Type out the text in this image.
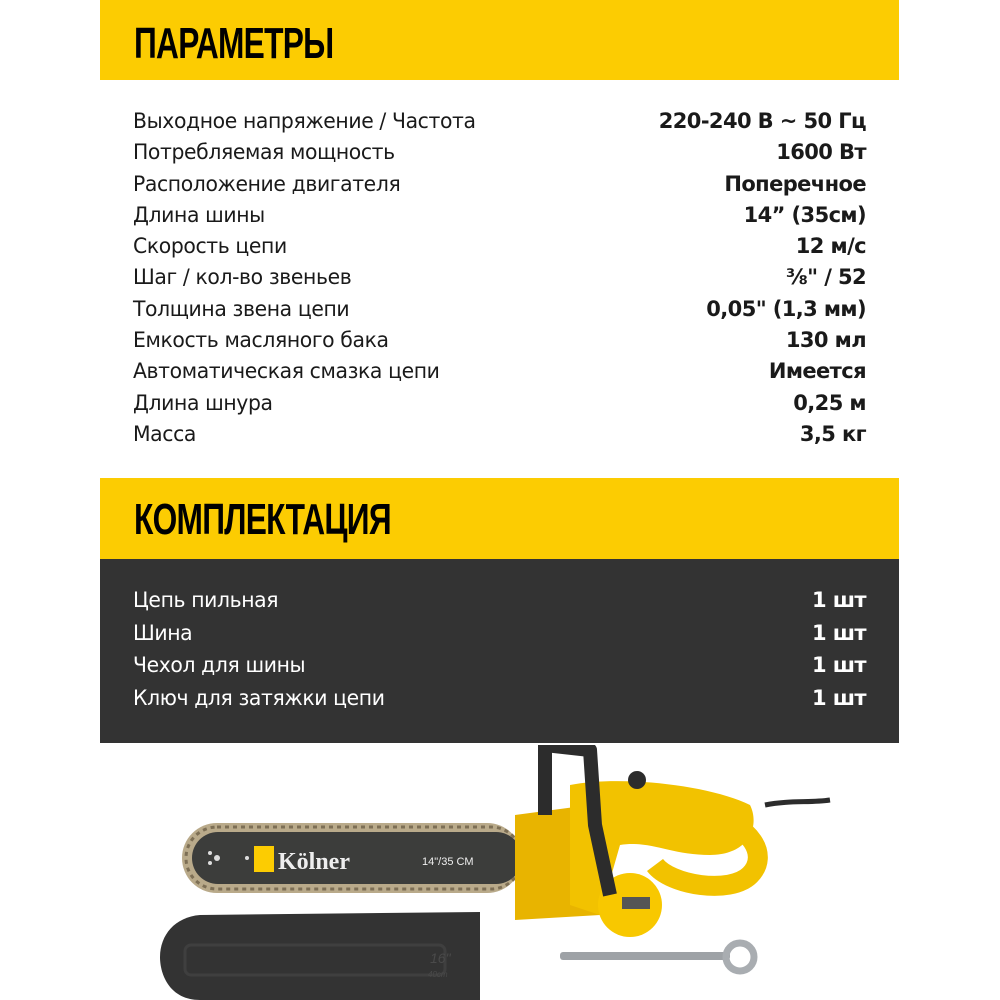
ПАРАМЕТРЫ
Выходное напряжение / Частота	220-240 В ~ 50 Гц
Потребляемая мощность	1600 Вт
Расположение двигателя	Поперечное
Длина шины	14” (35см)
Скорость цепи	12 м/с
Шаг / кол-во звеньев	⅜" / 52
Толщина звена цепи	0,05" (1,3 мм)
Емкость масляного бака	130 мл
Автоматическая смазка цепи	Имеется
Длина шнура	0,25 м
Масса	3,5 кг
КОМПЛЕКТАЦИЯ
Цепь пильная	1 шт
Шина	1 шт
Чехол для шины	1 шт
Ключ для затяжки цепи	1 шт
Kölner	14"/35 CM
16"
40cm
